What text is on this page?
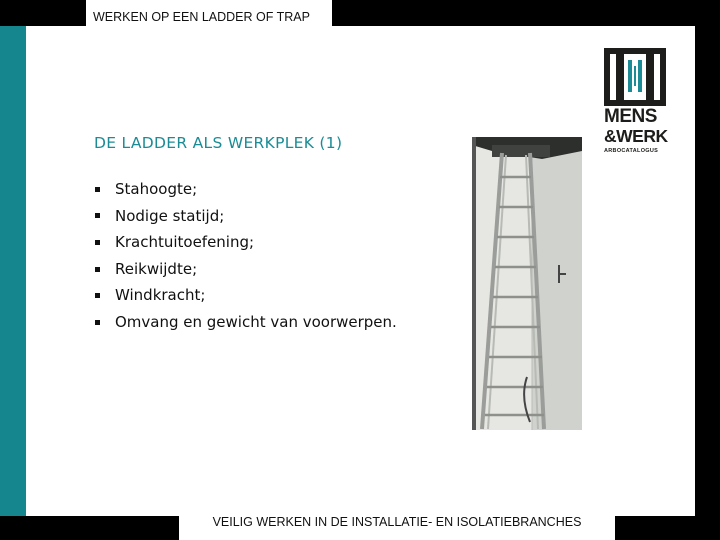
WERKEN OP EEN LADDER OF TRAP
DE LADDER ALS WERKPLEK (1)
Stahoogte;
Nodige statijd;
Krachtuitoefening;
Reikwijdte;
Windkracht;
Omvang en gewicht van voorwerpen.
MENS
&WERK
ARBOCATALOGUS
VEILIG WERKEN IN DE INSTALLATIE- EN ISOLATIEBRANCHES
